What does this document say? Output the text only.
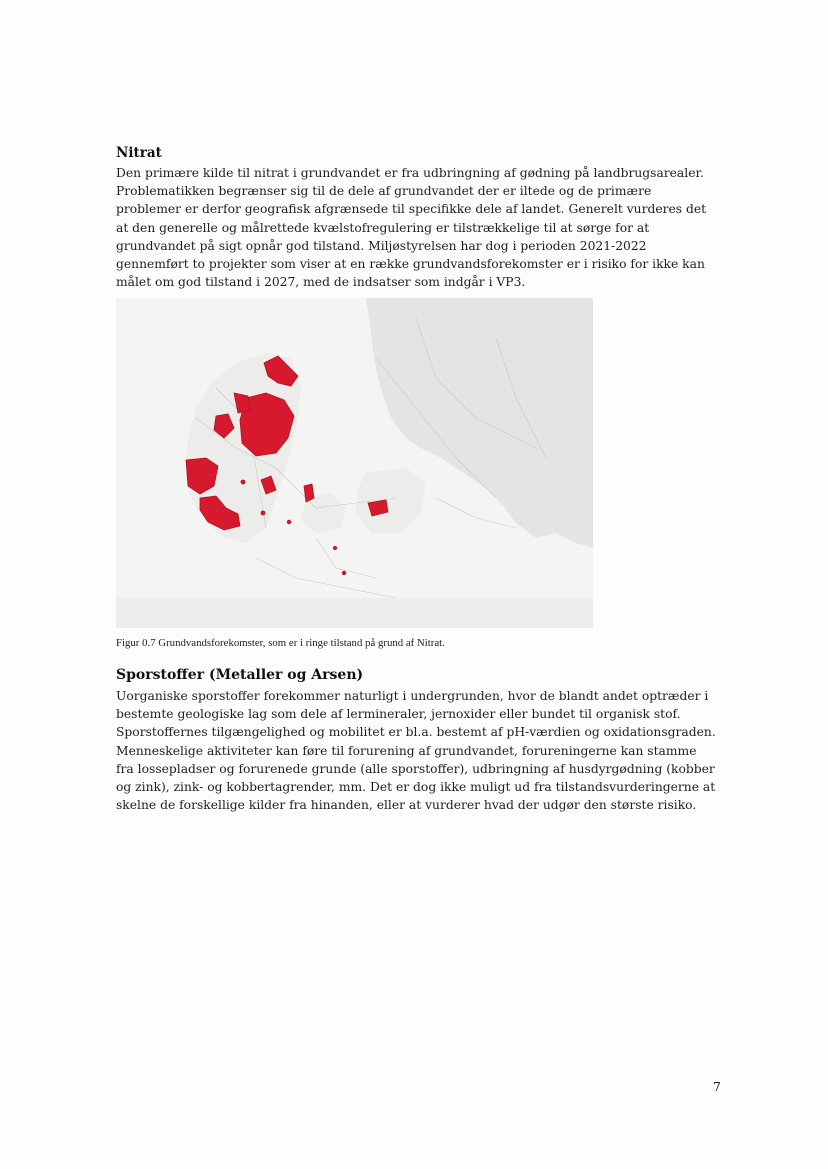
Nitrat

Den primære kilde til nitrat i grundvandet er fra udbringning af gødning på landbrugsarealer. Problematikken begrænser sig til de dele af grundvandet der er iltede og de primære problemer er derfor geografisk afgrænsede til specifikke dele af landet. Generelt vurderes det at den generelle og målrettede kvælstofregulering er tilstrækkelige til at sørge for at grundvandet på sigt opnår god tilstand. Miljøstyrelsen har dog i perioden 2021-2022 gennemført to projekter som viser at en række grundvandsforekomster er i risiko for ikke kan målet om god tilstand i 2027, med de indsatser som indgår i VP3.

Figur 0.7 Grundvandsforekomster, som er i ringe tilstand på grund af Nitrat.

Sporstoffer (Metaller og Arsen)

Uorganiske sporstoffer forekommer naturligt i undergrunden, hvor de blandt andet optræder i bestemte geologiske lag som dele af lermineraler, jernoxider eller bundet til organisk stof. Sporstoffernes tilgængelighed og mobilitet er bl.a. bestemt af pH-værdien og oxidationsgraden. Menneskelige aktiviteter kan føre til forurening af grundvandet, forureningerne kan stamme fra lossepladser og forurenede grunde (alle sporstoffer), udbringning af husdyrgødning (kobber og zink), zink- og kobbertagrender, mm. Det er dog ikke muligt ud fra tilstandsvurderingerne at skelne de forskellige kilder fra hinanden, eller at vurderer hvad der udgør den største risiko.

7
